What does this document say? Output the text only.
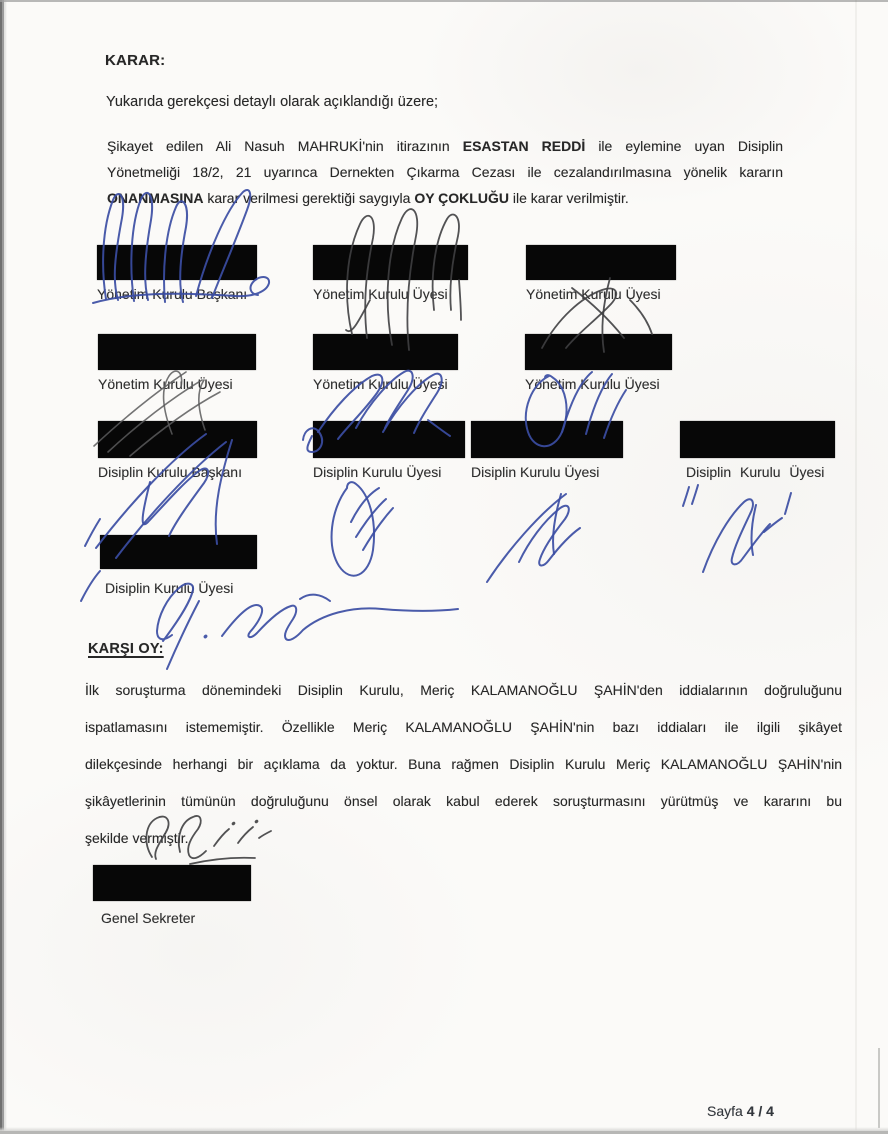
KARAR:
Yukarıda gerekçesi detaylı olarak açıklandığı üzere;
Şikayet edilen Ali Nasuh MAHRUKİ'nin itirazının ESASTAN REDDİ ile eylemine uyan Disiplin
Yönetmeliği 18/2, 21 uyarınca Dernekten Çıkarma Cezası ile cezalandırılmasına yönelik kararın
ONANMASINA karar verilmesi gerektiği saygıyla OY ÇOKLUĞU ile karar verilmiştir.
Yönetim Kurulu Başkanı	Yönetim Kurulu Üyesi	Yönetim Kurulu Üyesi
Yönetim Kurulu Üyesi	Yönetim Kurulu Üyesi	Yönetim Kurulu Üyesi
Disiplin Kurulu Başkanı	Disiplin Kurulu Üyesi	Disiplin Kurulu Üyesi	Disiplin Kurulu Üyesi
Disiplin Kurulu Üyesi
KARŞI OY:
İlk soruşturma dönemindeki Disiplin Kurulu, Meriç KALAMANOĞLU ŞAHİN'den iddialarının doğruluğunu
ispatlamasını istememiştir. Özellikle Meriç KALAMANOĞLU ŞAHİN'nin bazı iddiaları ile ilgili şikâyet
dilekçesinde herhangi bir açıklama da yoktur. Buna rağmen Disiplin Kurulu Meriç KALAMANOĞLU ŞAHİN'nin
şikâyetlerinin tümünün doğruluğunu önsel olarak kabul ederek soruşturmasını yürütmüş ve kararını bu
şekilde vermiştir.
Genel Sekreter
Sayfa 4 / 4
